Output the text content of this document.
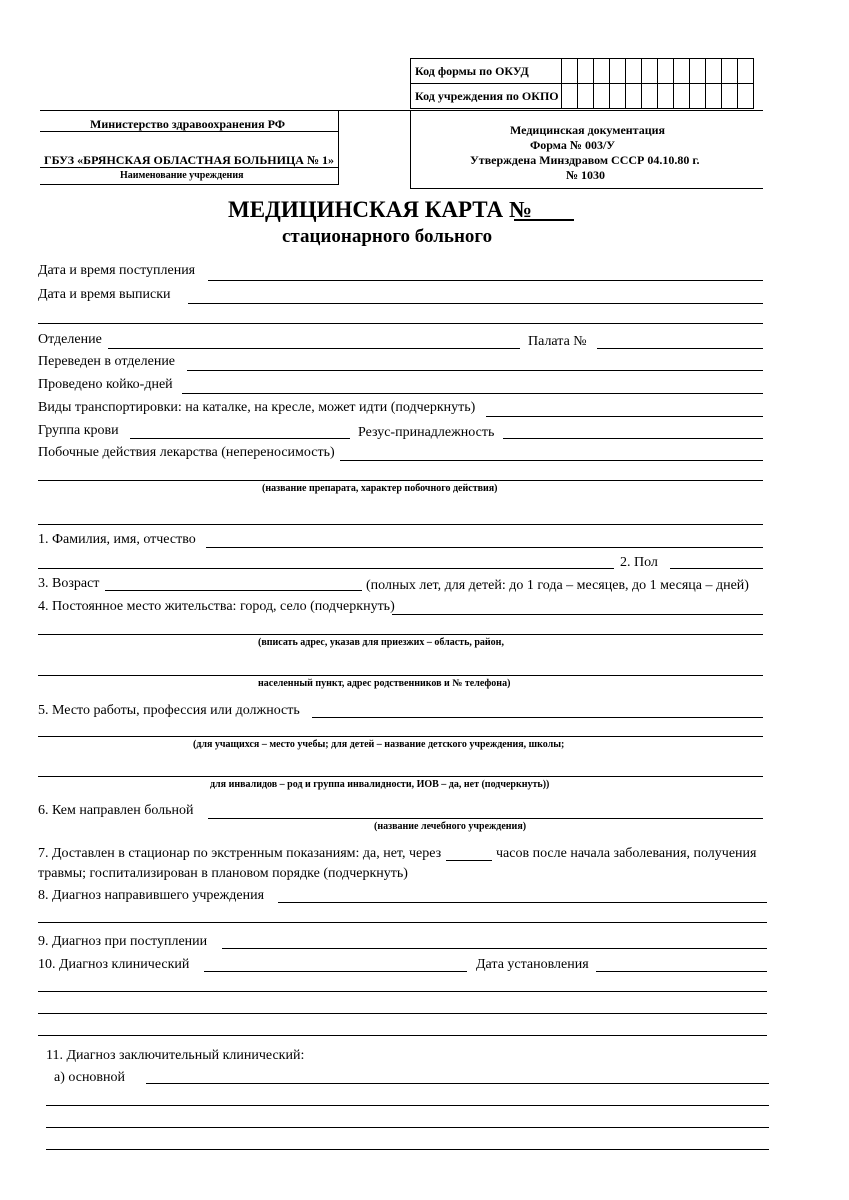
Код формы по ОКУД												
Код учреждения по ОКПО												
Министерство здравоохранения РФ
ГБУЗ «БРЯНСКАЯ ОБЛАСТНАЯ БОЛЬНИЦА № 1»
Наименование учреждения
Медицинская документация
Форма № 003/У
Утверждена Минздравом СССР 04.10.80 г.
№ 1030
МЕДИЦИНСКАЯ КАРТА №
стационарного больного
Дата и время поступления
Дата и время выписки
Отделение	Палата №
Переведен в отделение
Проведено койко-дней
Виды транспортировки: на каталке, на кресле, может идти (подчеркнуть)
Группа крови	Резус-принадлежность
Побочные действия лекарства (непереносимость)
(название препарата, характер побочного действия)
1. Фамилия, имя, отчество
2. Пол
3. Возраст	(полных лет, для детей: до 1 года – месяцев, до 1 месяца – дней)
4. Постоянное место жительства: город, село (подчеркнуть)
(вписать адрес, указав для приезжих – область, район,
населенный пункт, адрес родственников и № телефона)
5. Место работы, профессия или должность
(для учащихся – место учебы; для детей – название детского учреждения, школы;
для инвалидов – род и группа инвалидности, ИОВ – да, нет (подчеркнуть))
6. Кем направлен больной
(название лечебного учреждения)
7. Доставлен в стационар по экстренным показаниям: да, нет, через	часов после начала заболевания, получения
травмы; госпитализирован в плановом порядке (подчеркнуть)
8. Диагноз направившего учреждения
9. Диагноз при поступлении
10. Диагноз клинический	Дата установления
11. Диагноз заключительный клинический:
а) основной
